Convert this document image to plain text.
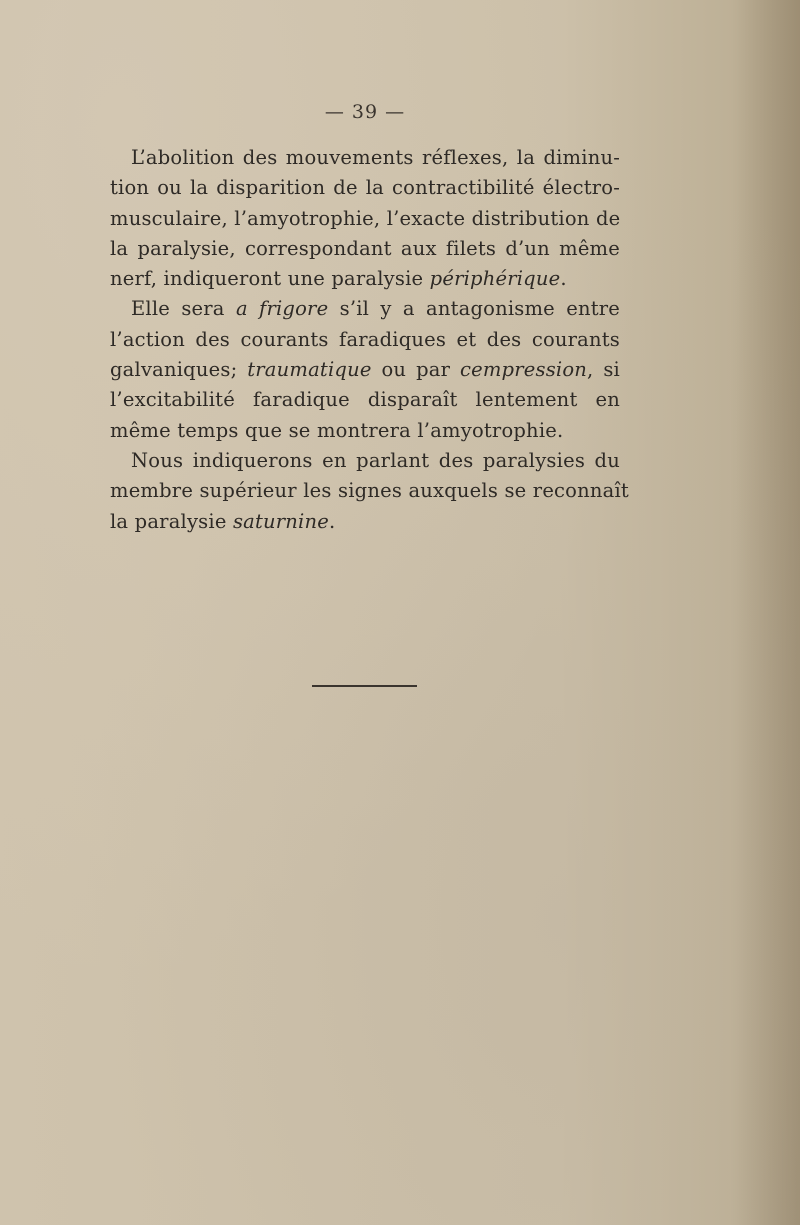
— 39 —
L’abolition des mouvements réflexes, la diminu-
tion ou la disparition de la contractibilité électro-
musculaire, l’amyotrophie, l’exacte distribution de
la paralysie, correspondant aux filets d’un même
nerf, indiqueront une paralysie périphérique.
Elle sera a frigore s’il y a antagonisme entre
l’action des courants faradiques et des courants
galvaniques; traumatique ou par cempression, si
l’excitabilité faradique disparaît lentement en
même temps que se montrera l’amyotrophie.
Nous indiquerons en parlant des paralysies du
membre supérieur les signes auxquels se reconnaît
la paralysie saturnine.
